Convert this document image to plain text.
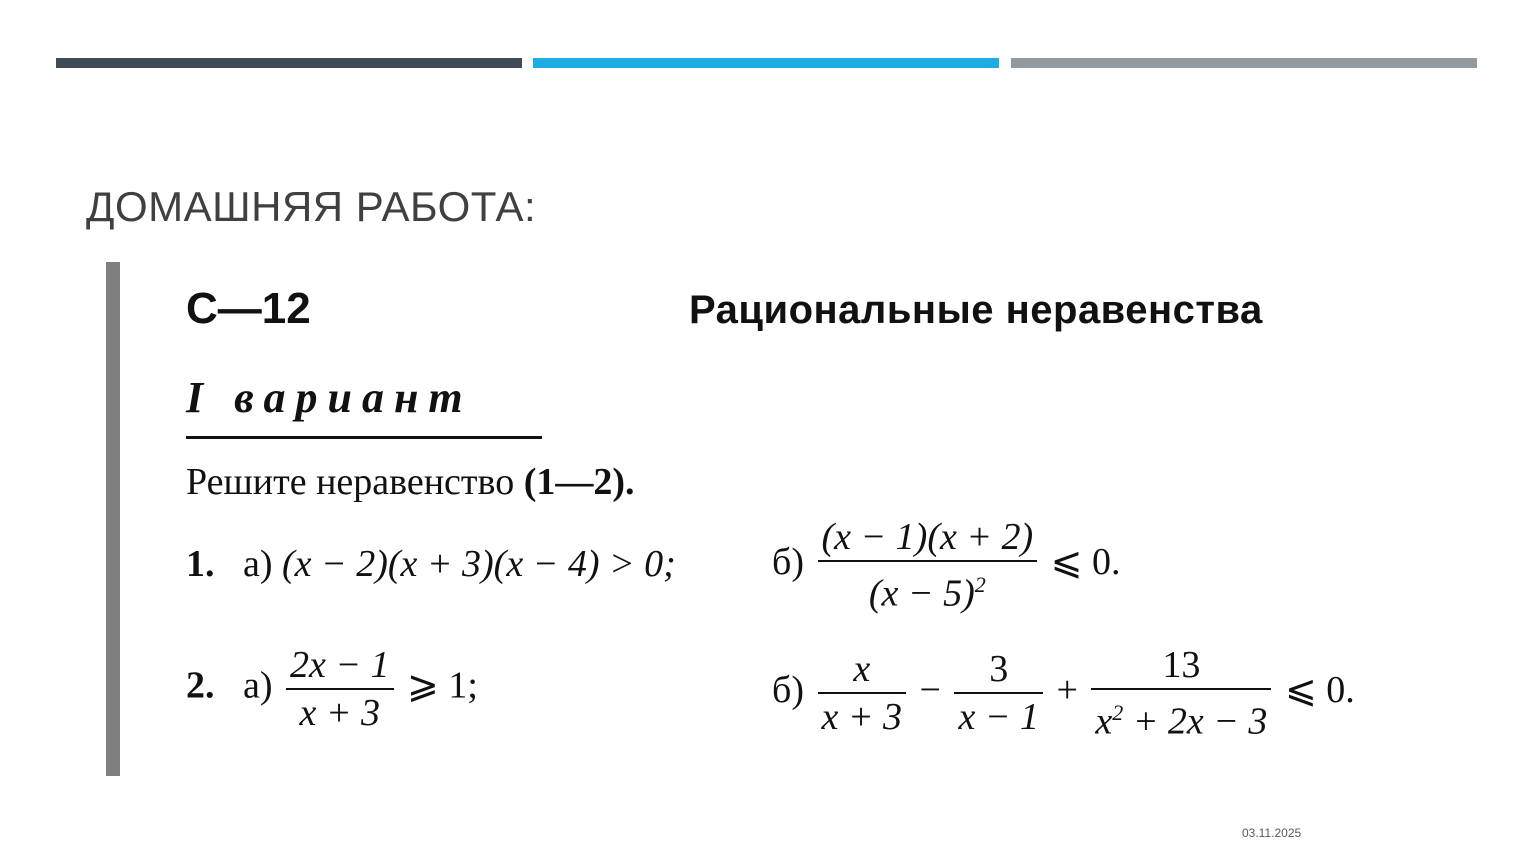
ДОМАШНЯЯ РАБОТА:
С—12	Рациональные неравенства
I вариант
Решите неравенство (1—2).
1. а) (x − 2)(x + 3)(x − 4) > 0;	$б) \frac{(x - 1)(x + 2)}{(x - 5)^2}$ ⩽ 0.
2. $а) \frac{2x - 1}{x + 3}$ ⩾ 1;	$б) \frac{x}{x + 3} - \frac{3}{x - 1} + \frac{13}{x^2 + 2x - 3}$ ⩽ 0.
03.11.2025
